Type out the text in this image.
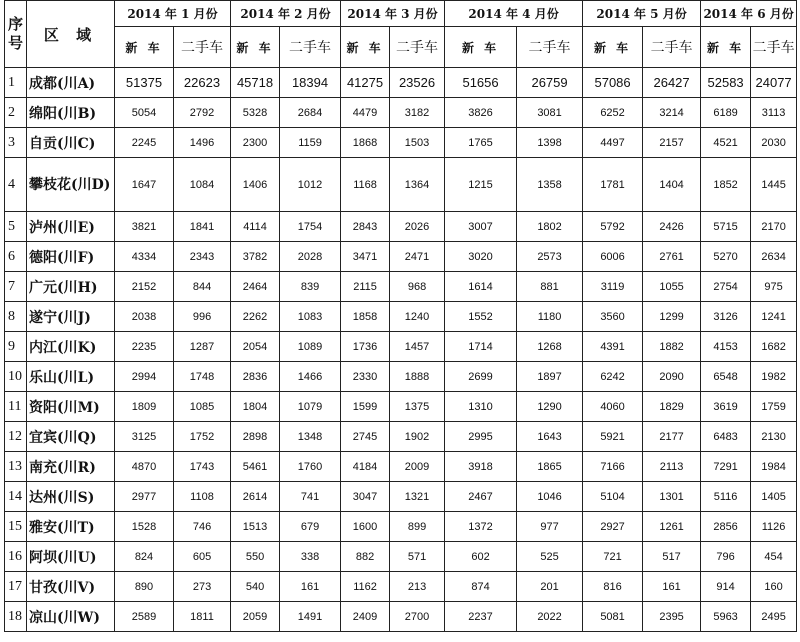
序号	区 域	2014 年 1 月份		2014 年 2 月份		2014 年 3 月份		2014 年 4 月份		2014 年 5 月份		2014 年 6 月份	
		新 车	二手车	新 车	二手车	新 车	二手车	新 车	二手车	新 车	二手车	新 车	二手车
1	成都(川A)	51375	22623	45718	18394	41275	23526	51656	26759	57086	26427	52583	24077
2	绵阳(川B)	5054	2792	5328	2684	4479	3182	3826	3081	6252	3214	6189	3113
3	自贡(川C)	2245	1496	2300	1159	1868	1503	1765	1398	4497	2157	4521	2030
4	攀枝花(川D)	1647	1084	1406	1012	1168	1364	1215	1358	1781	1404	1852	1445
5	泸州(川E)	3821	1841	4114	1754	2843	2026	3007	1802	5792	2426	5715	2170
6	德阳(川F)	4334	2343	3782	2028	3471	2471	3020	2573	6006	2761	5270	2634
7	广元(川H)	2152	844	2464	839	2115	968	1614	881	3119	1055	2754	975
8	遂宁(川J)	2038	996	2262	1083	1858	1240	1552	1180	3560	1299	3126	1241
9	内江(川K)	2235	1287	2054	1089	1736	1457	1714	1268	4391	1882	4153	1682
10	乐山(川L)	2994	1748	2836	1466	2330	1888	2699	1897	6242	2090	6548	1982
11	资阳(川M)	1809	1085	1804	1079	1599	1375	1310	1290	4060	1829	3619	1759
12	宜宾(川Q)	3125	1752	2898	1348	2745	1902	2995	1643	5921	2177	6483	2130
13	南充(川R)	4870	1743	5461	1760	4184	2009	3918	1865	7166	2113	7291	1984
14	达州(川S)	2977	1108	2614	741	3047	1321	2467	1046	5104	1301	5116	1405
15	雅安(川T)	1528	746	1513	679	1600	899	1372	977	2927	1261	2856	1126
16	阿坝(川U)	824	605	550	338	882	571	602	525	721	517	796	454
17	甘孜(川V)	890	273	540	161	1162	213	874	201	816	161	914	160
18	凉山(川W)	2589	1811	2059	1491	2409	2700	2237	2022	5081	2395	5963	2495
